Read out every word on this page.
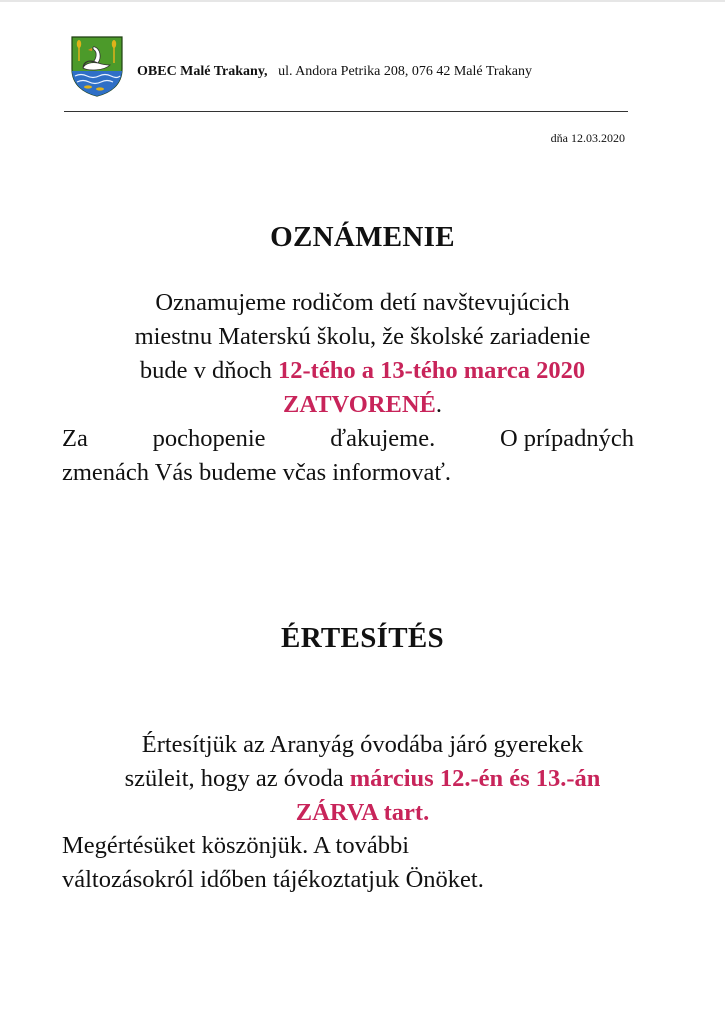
OBEC Malé Trakany, ul. Andora Petrika 208, 076 42 Malé Trakany
dňa 12.03.2020
OZNÁMENIE
Oznamujeme rodičom detí navštevujúcich
miestnu Materskú školu, že školské zariadenie
bude v dňoch 12-tého a 13-tého marca 2020
ZATVORENÉ.
Za	pochopenie	ďakujeme.	O prípadných
zmenách Vás budeme včas informovať.
ÉRTESÍTÉS
Értesítjük az Aranyág óvodába járó gyerekek
szüleit, hogy az óvoda március 12.-én és 13.-án
ZÁRVA tart.
Megértésüket köszönjük. A további
változásokról időben tájékoztatjuk Önöket.
